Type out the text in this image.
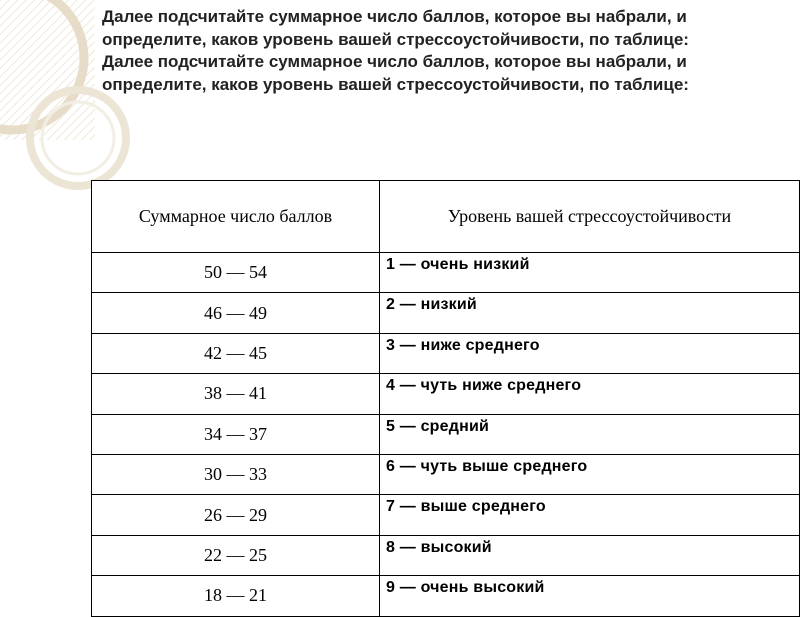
Далее подсчитайте суммарное число баллов, которое вы набрали, и определите, каков уровень вашей стрессоустойчивости, по таблице:

Далее подсчитайте суммарное число баллов, которое вы набрали, и определите, каков уровень вашей стрессоустойчивости, по таблице:

Суммарное число баллов	Уровень вашей стрессоустойчивости
50 — 54	1 — очень низкий
46 — 49	2 — низкий
42 — 45	3 — ниже среднего
38 — 41	4 — чуть ниже среднего
34 — 37	5 — средний
30 — 33	6 — чуть выше среднего
26 — 29	7 — выше среднего
22 — 25	8 — высокий
18 — 21	9 — очень высокий
